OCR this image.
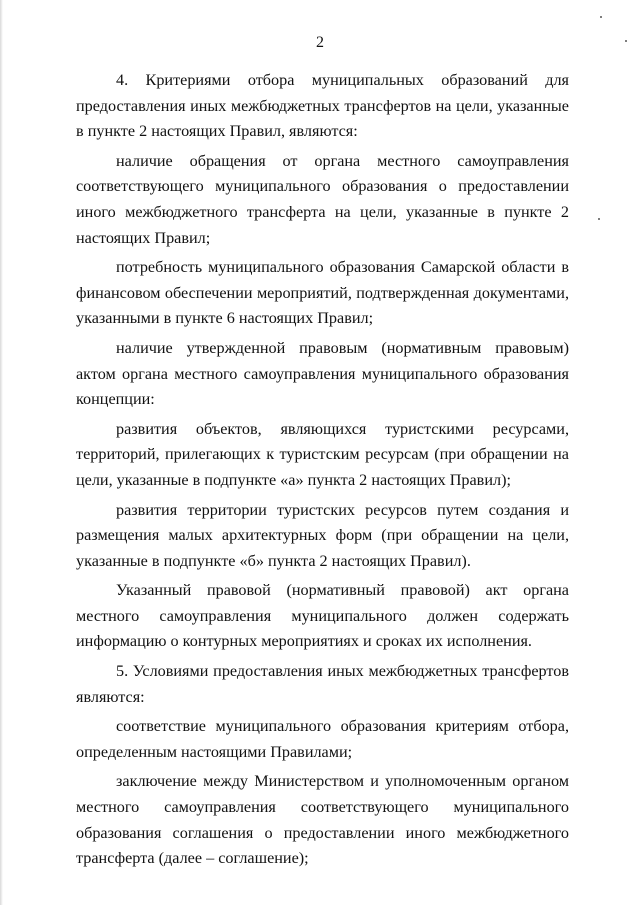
2

4. Критериями отбора муниципальных образований для предоставления иных межбюджетных трансфертов на цели, указанные в пункте 2 настоящих Правил, являются:

наличие обращения от органа местного самоуправления соответствующего муниципального образования о предоставлении иного межбюджетного трансферта на цели, указанные в пункте 2 настоящих Правил;

потребность муниципального образования Самарской области в финансовом обеспечении мероприятий, подтвержденная документами, указанными в пункте 6 настоящих Правил;

наличие утвержденной правовым (нормативным правовым) актом органа местного самоуправления муниципального образования концепции:

развития объектов, являющихся туристскими ресурсами, территорий, прилегающих к туристским ресурсам (при обращении на цели, указанные в подпункте «а» пункта 2 настоящих Правил);

развития территории туристских ресурсов путем создания и размещения малых архитектурных форм (при обращении на цели, указанные в подпункте «б» пункта 2 настоящих Правил).

Указанный правовой (нормативный правовой) акт органа местного самоуправления муниципального должен содержать информацию о контурных мероприятиях и сроках их исполнения.

5. Условиями предоставления иных межбюджетных трансфертов являются:

соответствие муниципального образования критериям отбора, определенным настоящими Правилами;

заключение между Министерством и уполномоченным органом местного самоуправления соответствующего муниципального образования соглашения о предоставлении иного межбюджетного трансферта (далее – соглашение);
